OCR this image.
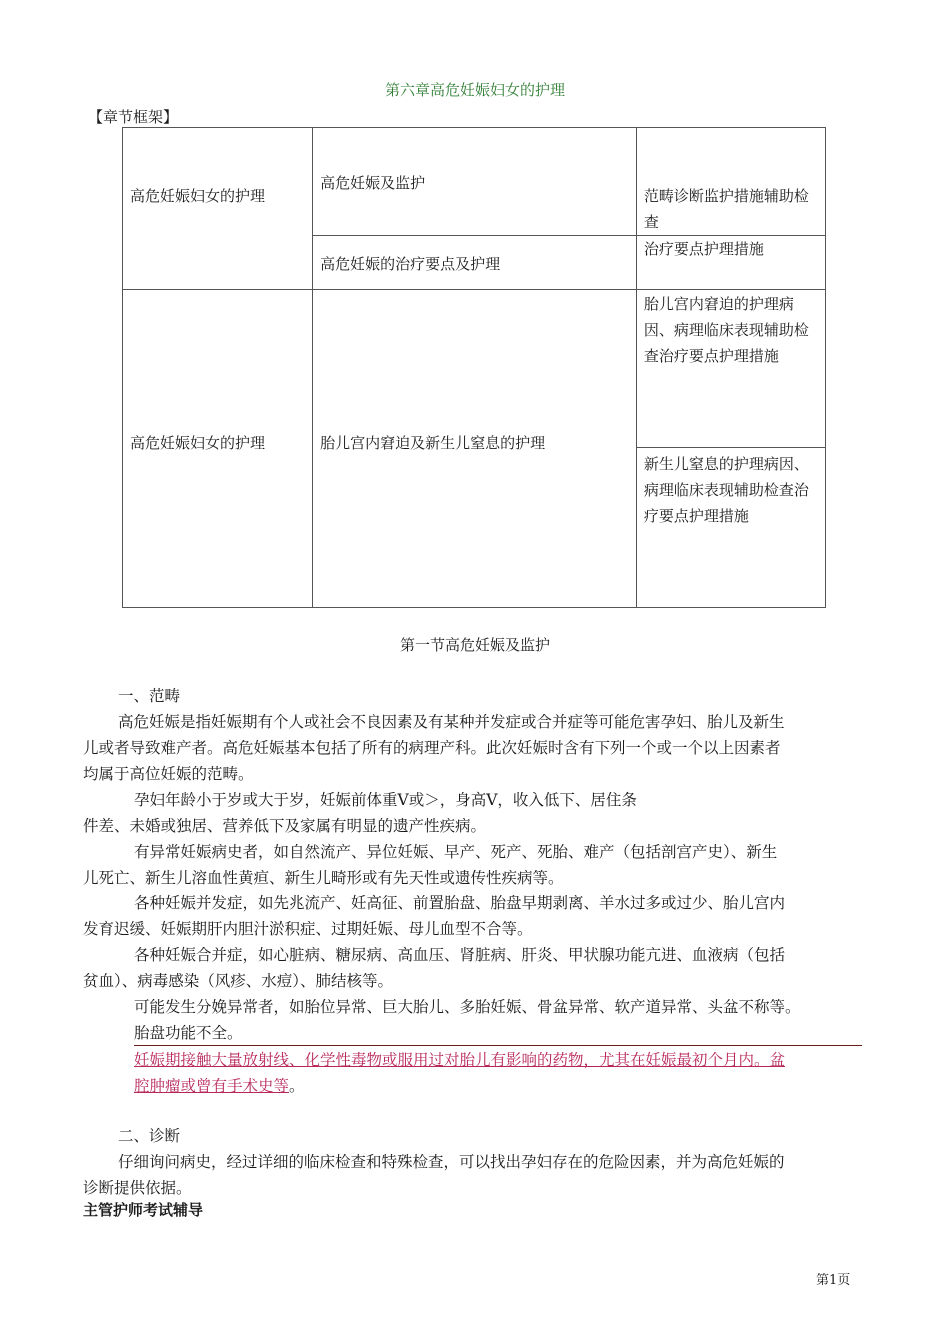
第六章高危妊娠妇女的护理
【章节框架】
高危妊娠妇女的护理	高危妊娠及监护	范畴诊断监护措施辅助检查
	高危妊娠的治疗要点及护理	治疗要点护理措施
高危妊娠妇女的护理	胎儿宫内窘迫及新生儿窒息的护理	胎儿宫内窘迫的护理病因、病理临床表现辅助检查治疗要点护理措施
		新生儿窒息的护理病因、病理临床表现辅助检查治疗要点护理措施
第一节高危妊娠及监护
一、范畴
高危妊娠是指妊娠期有个人或社会不良因素及有某种并发症或合并症等可能危害孕妇、胎儿及新生
儿或者导致难产者。高危妊娠基本包括了所有的病理产科。此次妊娠时含有下列一个或一个以上因素者
均属于高位妊娠的范畴。
孕妇年龄小于岁或大于岁，妊娠前体重Ⅴ或＞，身高Ⅴ，收入低下、居住条
件差、未婚或独居、营养低下及家属有明显的遗产性疾病。
有异常妊娠病史者，如自然流产、异位妊娠、早产、死产、死胎、难产（包括剖宫产史）、新生
儿死亡、新生儿溶血性黄疸、新生儿畸形或有先天性或遗传性疾病等。
各种妊娠并发症，如先兆流产、妊高征、前置胎盘、胎盘早期剥离、羊水过多或过少、胎儿宫内
发育迟缓、妊娠期肝内胆汁淤积症、过期妊娠、母儿血型不合等。
各种妊娠合并症，如心脏病、糖尿病、高血压、肾脏病、肝炎、甲状腺功能亢进、血液病（包括
贫血）、病毒感染（风疹、水痘）、肺结核等。
可能发生分娩异常者，如胎位异常、巨大胎儿、多胎妊娠、骨盆异常、软产道异常、头盆不称等。
胎盘功能不全。
妊娠期接触大量放射线、化学性毒物或服用过对胎儿有影响的药物，尤其在妊娠最初个月内。盆
腔肿瘤或曾有手术史等。
二、诊断
仔细询问病史，经过详细的临床检查和特殊检查，可以找出孕妇存在的危险因素，并为高危妊娠的
诊断提供依据。
主管护师考试辅导
第1页
